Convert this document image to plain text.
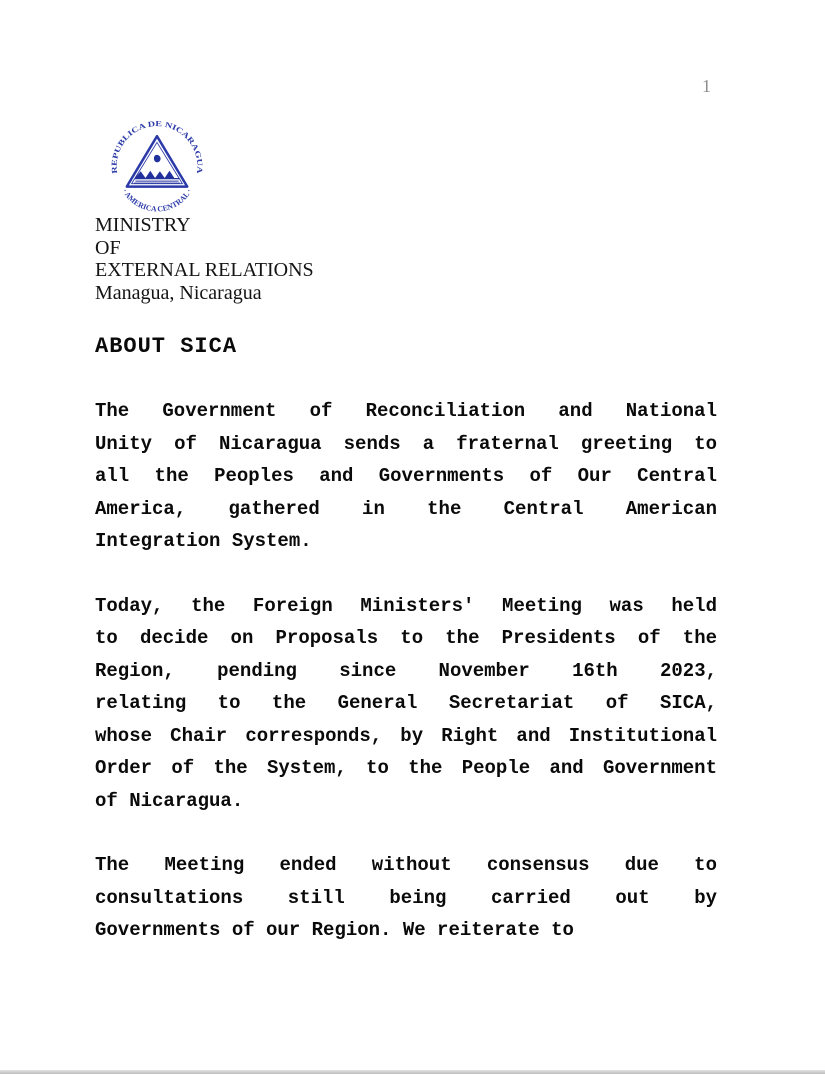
1
REPUBLICA DE NICARAGUA
· AMERICA CENTRAL ·
MINISTRY
OF
EXTERNAL RELATIONS
Managua, Nicaragua
ABOUT SICA
The Government of Reconciliation and National
Unity of Nicaragua sends a fraternal greeting to
all the Peoples and Governments of Our Central
America, gathered in the Central American
Integration System.
Today, the Foreign Ministers' Meeting was held
to decide on Proposals to the Presidents of the
Region, pending since November 16th 2023,
relating to the General Secretariat of SICA,
whose Chair corresponds, by Right and Institutional
Order of the System, to the People and Government
of Nicaragua.
The Meeting ended without consensus due to
consultations still being carried out by
Governments of our Region. We reiterate to
